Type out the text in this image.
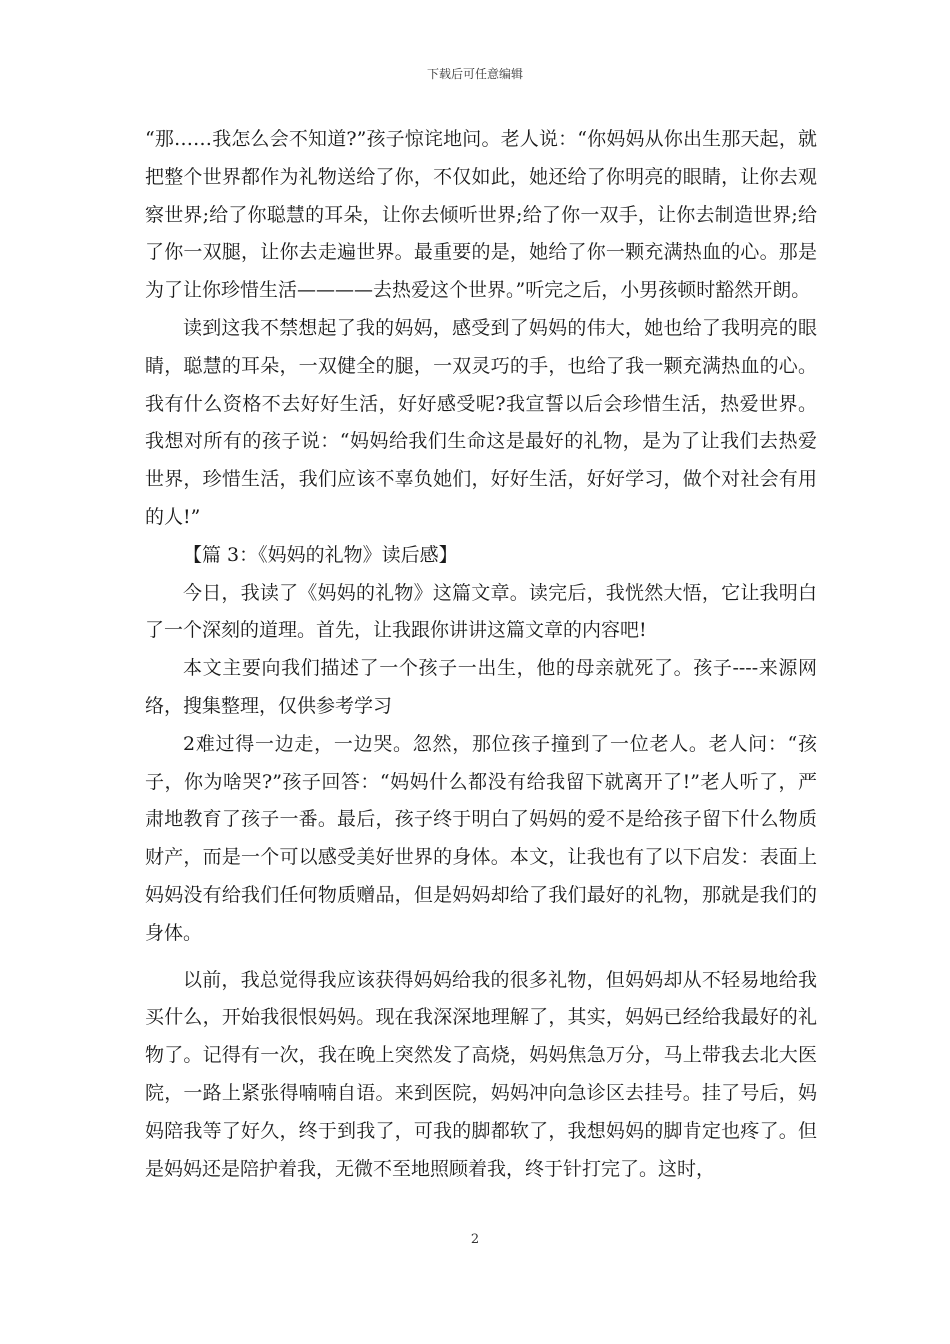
下载后可任意编辑

“那……我怎么会不知道?”孩子惊诧地问。老人说：“你妈妈从你出生那天起，就把整个世界都作为礼物送给了你，不仅如此，她还给了你明亮的眼睛，让你去观察世界;给了你聪慧的耳朵，让你去倾听世界;给了你一双手，让你去制造世界;给了你一双腿，让你去走遍世界。最重要的是，她给了你一颗充满热血的心。那是为了让你珍惜生活————去热爱这个世界。”听完之后，小男孩顿时豁然开朗。

读到这我不禁想起了我的妈妈，感受到了妈妈的伟大，她也给了我明亮的眼睛，聪慧的耳朵，一双健全的腿，一双灵巧的手，也给了我一颗充满热血的心。我有什么资格不去好好生活，好好感受呢?我宣誓以后会珍惜生活，热爱世界。我想对所有的孩子说：“妈妈给我们生命这是最好的礼物，是为了让我们去热爱世界，珍惜生活，我们应该不辜负她们，好好生活，好好学习，做个对社会有用的人!”

【篇 3：《妈妈的礼物》读后感】

今日，我读了《妈妈的礼物》这篇文章。读完后，我恍然大悟，它让我明白了一个深刻的道理。首先，让我跟你讲讲这篇文章的内容吧!

本文主要向我们描述了一个孩子一出生，他的母亲就死了。孩子----来源网络，搜集整理，仅供参考学习

2难过得一边走，一边哭。忽然，那位孩子撞到了一位老人。老人问：“孩子，你为啥哭?”孩子回答：“妈妈什么都没有给我留下就离开了!”老人听了，严肃地教育了孩子一番。最后，孩子终于明白了妈妈的爱不是给孩子留下什么物质财产，而是一个可以感受美好世界的身体。本文，让我也有了以下启发：表面上妈妈没有给我们任何物质赠品，但是妈妈却给了我们最好的礼物，那就是我们的身体。

以前，我总觉得我应该获得妈妈给我的很多礼物，但妈妈却从不轻易地给我买什么，开始我很恨妈妈。现在我深深地理解了，其实，妈妈已经给我最好的礼物了。记得有一次，我在晚上突然发了高烧，妈妈焦急万分，马上带我去北大医院，一路上紧张得喃喃自语。来到医院，妈妈冲向急诊区去挂号。挂了号后，妈妈陪我等了好久，终于到我了，可我的脚都软了，我想妈妈的脚肯定也疼了。但是妈妈还是陪护着我，无微不至地照顾着我，终于针打完了。这时，

2
